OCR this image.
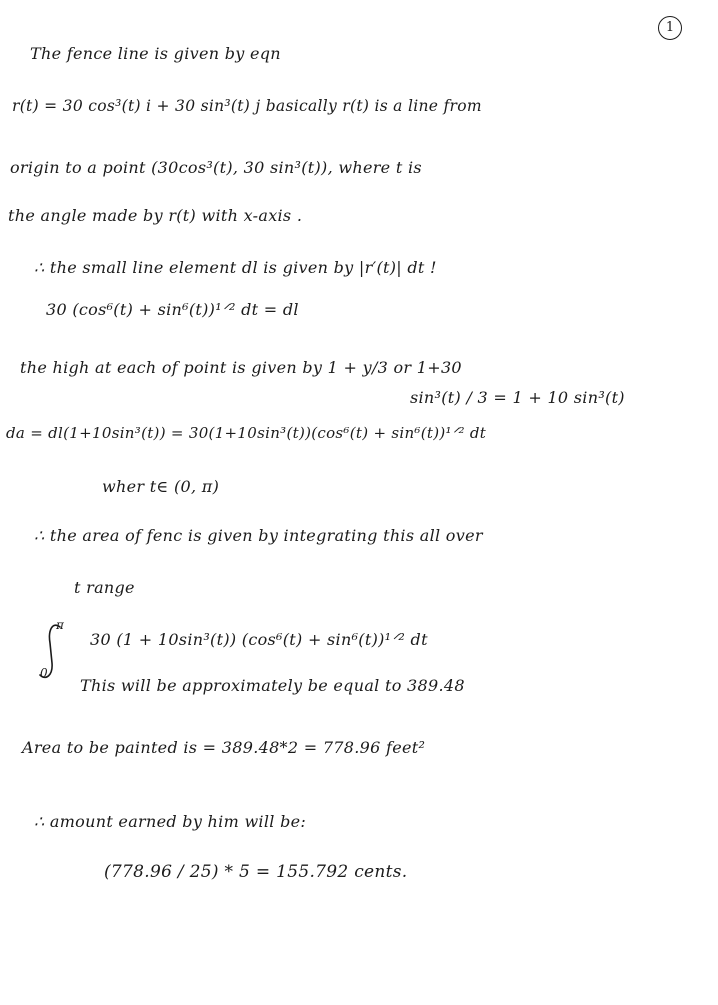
1
The fence line is given by eqn
r(t) = 30 cos³(t) i + 30 sin³(t) j basically r(t) is a line from
origin to a point (30cos³(t), 30 sin³(t)), where t is
the angle made by r(t) with x-axis .
∴ the small line element dl is given by |r′(t)| dt !
30 (cos⁶(t) + sin⁶(t))¹ᐟ² dt = dl
the high at each of point is given by 1 + y/3 or 1+30
sin³(t) / 3 = 1 + 10 sin³(t)
da = dl(1+10sin³(t)) = 30(1+10sin³(t))(cos⁶(t) + sin⁶(t))¹ᐟ² dt
wher t∈ (0, π)
∴ the area of fenc is given by integrating this all over
t range
π
0
30 (1 + 10sin³(t)) (cos⁶(t) + sin⁶(t))¹ᐟ² dt
This will be approximately be equal to 389.48
Area to be painted is = 389.48*2 = 778.96 feet²
∴ amount earned by him will be:
(778.96 / 25) * 5 = 155.792 cents.
